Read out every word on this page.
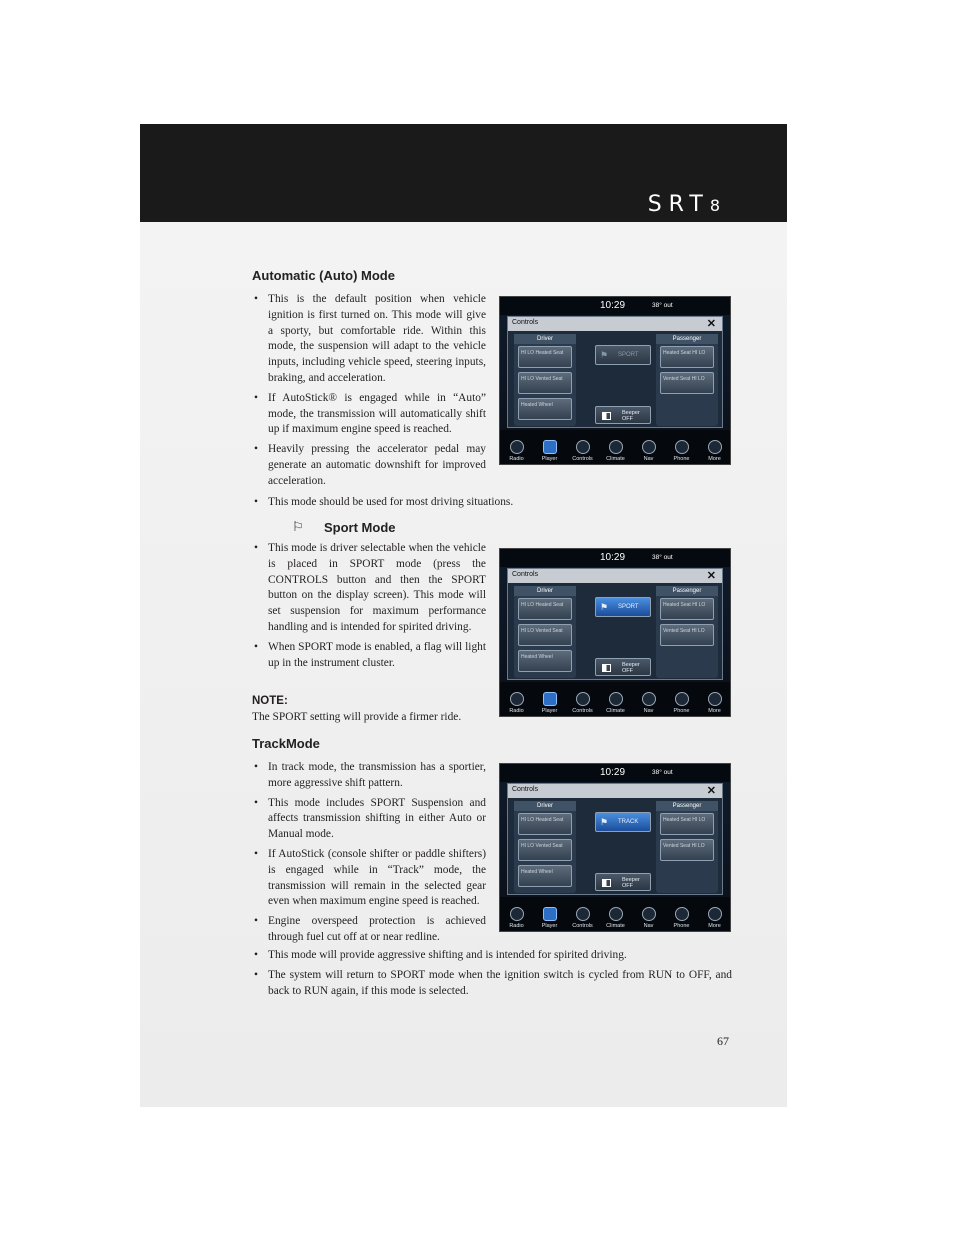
SRT8
Automatic (Auto) Mode
• This is the default position when vehicle ignition is first turned on. This mode will give a sporty, but comfortable ride. Within this mode, the suspension will adapt to the vehicle inputs, including vehicle speed, steering inputs, braking, and acceleration.
• If AutoStick® is engaged while in “Auto” mode, the transmission will automatically shift up if maximum engine speed is reached.
• Heavily pressing the accelerator pedal may generate an automatic downshift for improved acceleration.
• This mode should be used for most driving situations.
⚐ Sport Mode
• This mode is driver selectable when the vehicle is placed in SPORT mode (press the CONTROLS button and then the SPORT button on the display screen). This mode will set suspension for maximum performance handling and is intended for spirited driving.
• When SPORT mode is enabled, a flag will light up in the instrument cluster.
NOTE:
The SPORT setting will provide a firmer ride.
TrackMode
• In track mode, the transmission has a sportier, more aggressive shift pattern.
• This mode includes SPORT Suspension and affects transmission shifting in either Auto or Manual mode.
• If AutoStick (console shifter or paddle shifters) is engaged while in “Track” mode, the transmission will remain in the selected gear even when maximum engine speed is reached.
• Engine overspeed protection is achieved through fuel cut off at or near redline.
• This mode will provide aggressive shifting and is intended for spirited driving.
• The system will return to SPORT mode when the ignition switch is cycled from RUN to OFF, and back to RUN again, if this mode is selected.
67
10:29	38° out
Controls	✕
Driver
HI LO Heated Seat
HI LO Vented Seat
Heated Wheel
Passenger
Heated Seat HI LO
Vented Seat HI LO
⚑ SPORT
Beeper OFF
Radio	Player	Controls	Climate	Nav	Phone	More
10:29	38° out
Controls	✕
Driver
HI LO Heated Seat
HI LO Vented Seat
Heated Wheel
Passenger
Heated Seat HI LO
Vented Seat HI LO
⚑ SPORT
Beeper OFF
Radio	Player	Controls	Climate	Nav	Phone	More
10:29	38° out
Controls	✕
Driver
HI LO Heated Seat
HI LO Vented Seat
Heated Wheel
Passenger
Heated Seat HI LO
Vented Seat HI LO
⚑ TRACK
Beeper OFF
Radio	Player	Controls	Climate	Nav	Phone	More
